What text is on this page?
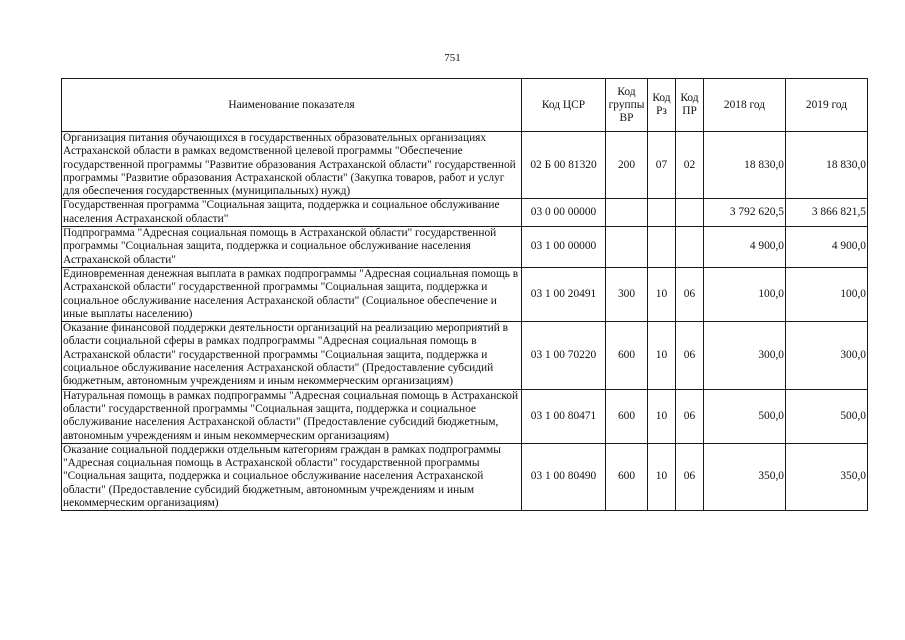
751
Наименование показателя	Код ЦСР	Код группы ВР	Код Рз	Код ПР	2018 год	2019 год
Организация питания обучающихся в государственных образовательных организациях Астраханской области в рамках ведомственной целевой программы "Обеспечение государственной программы "Развитие образования Астраханской области" государственной программы "Развитие образования Астраханской области" (Закупка товаров, работ и услуг для обеспечения государственных (муниципальных) нужд)	02 Б 00 81320	200	07	02	18 830,0	18 830,0
Государственная программа "Социальная защита, поддержка и социальное обслуживание населения Астраханской области"	03 0 00 00000				3 792 620,5	3 866 821,5
Подпрограмма "Адресная социальная помощь в Астраханской области" государственной программы "Социальная защита, поддержка и социальное обслуживание населения Астраханской области"	03 1 00 00000				4 900,0	4 900,0
Единовременная денежная выплата в рамках подпрограммы "Адресная социальная помощь в Астраханской области" государственной программы "Социальная защита, поддержка и социальное обслуживание населения Астраханской области" (Социальное обеспечение и иные выплаты населению)	03 1 00 20491	300	10	06	100,0	100,0
Оказание финансовой поддержки деятельности организаций на реализацию мероприятий в области социальной сферы в рамках подпрограммы "Адресная социальная помощь в Астраханской области" государственной программы "Социальная защита, поддержка и социальное обслуживание населения Астраханской области" (Предоставление субсидий бюджетным, автономным учреждениям и иным некоммерческим организациям)	03 1 00 70220	600	10	06	300,0	300,0
Натуральная помощь в рамках подпрограммы "Адресная социальная помощь в Астраханской области" государственной программы "Социальная защита, поддержка и социальное обслуживание населения Астраханской области" (Предоставление субсидий бюджетным, автономным учреждениям и иным некоммерческим организациям)	03 1 00 80471	600	10	06	500,0	500,0
Оказание социальной поддержки отдельным категориям граждан в рамках подпрограммы "Адресная социальная помощь в Астраханской области" государственной программы "Социальная защита, поддержка и социальное обслуживание населения Астраханской области" (Предоставление субсидий бюджетным, автономным учреждениям и иным некоммерческим организациям)	03 1 00 80490	600	10	06	350,0	350,0
